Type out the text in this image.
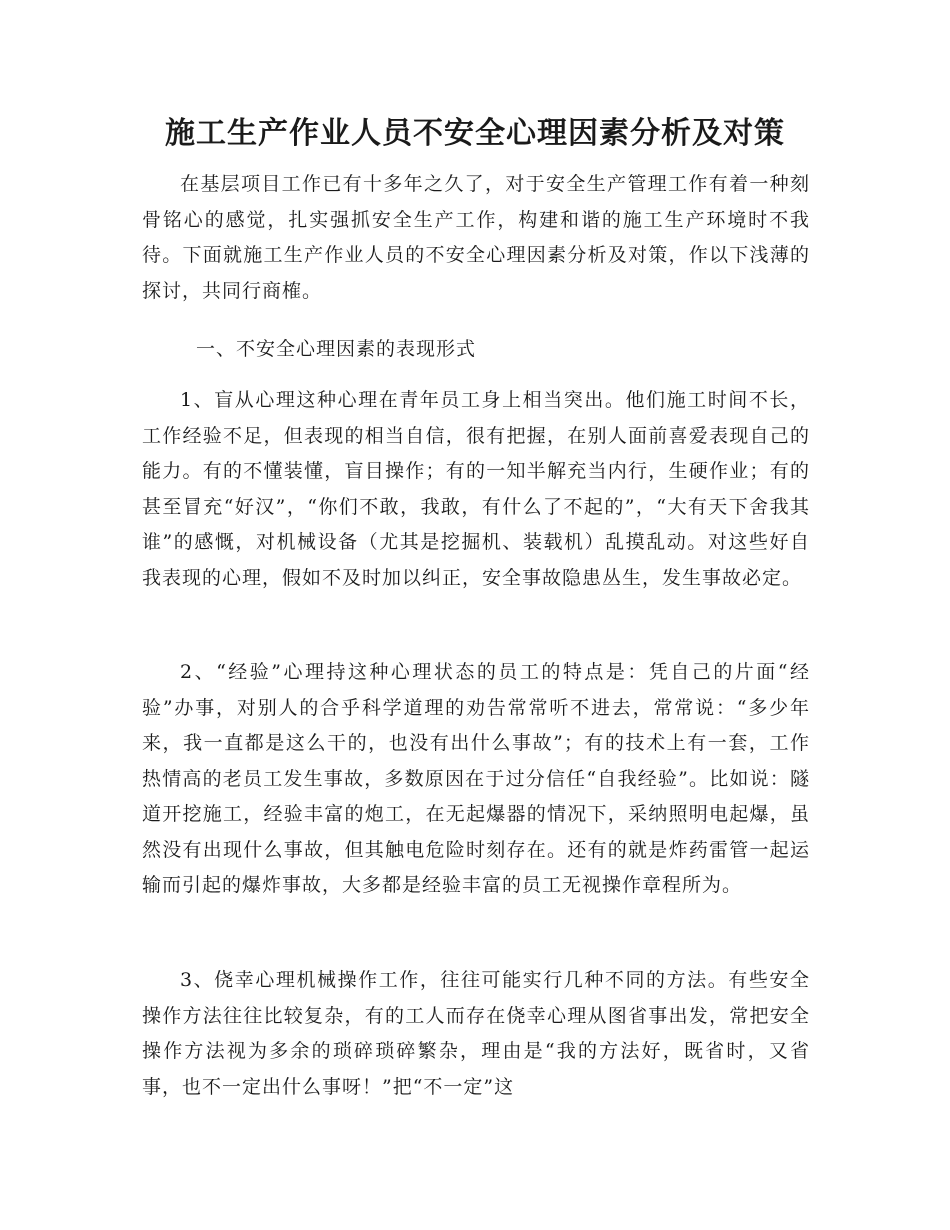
施工生产作业人员不安全心理因素分析及对策

在基层项目工作已有十多年之久了，对于安全生产管理工作有着一种刻骨铭心的感觉，扎实强抓安全生产工作，构建和谐的施工生产环境时不我待。下面就施工生产作业人员的不安全心理因素分析及对策，作以下浅薄的探讨，共同行商榷。

一、不安全心理因素的表现形式

1、盲从心理这种心理在青年员工身上相当突出。他们施工时间不长，工作经验不足，但表现的相当自信，很有把握，在别人面前喜爱表现自己的能力。有的不懂装懂，盲目操作；有的一知半解充当内行，生硬作业；有的甚至冒充“好汉”，“你们不敢，我敢，有什么了不起的”，“大有天下舍我其谁”的感慨，对机械设备（尤其是挖掘机、装载机）乱摸乱动。对这些好自我表现的心理，假如不及时加以纠正，安全事故隐患丛生，发生事故必定。

2、“经验”心理持这种心理状态的员工的特点是：凭自己的片面“经验”办事，对别人的合乎科学道理的劝告常常听不进去，常常说：“多少年来，我一直都是这么干的，也没有出什么事故”；有的技术上有一套，工作热情高的老员工发生事故，多数原因在于过分信任“自我经验”。比如说：隧道开挖施工，经验丰富的炮工，在无起爆器的情况下，采纳照明电起爆，虽然没有出现什么事故，但其触电危险时刻存在。还有的就是炸药雷管一起运输而引起的爆炸事故，大多都是经验丰富的员工无视操作章程所为。

3、侥幸心理机械操作工作，往往可能实行几种不同的方法。有些安全操作方法往往比较复杂，有的工人而存在侥幸心理从图省事出发，常把安全操作方法视为多余的琐碎琐碎繁杂，理由是“我的方法好，既省时，又省事，也不一定出什么事呀！”把“不一定”这
